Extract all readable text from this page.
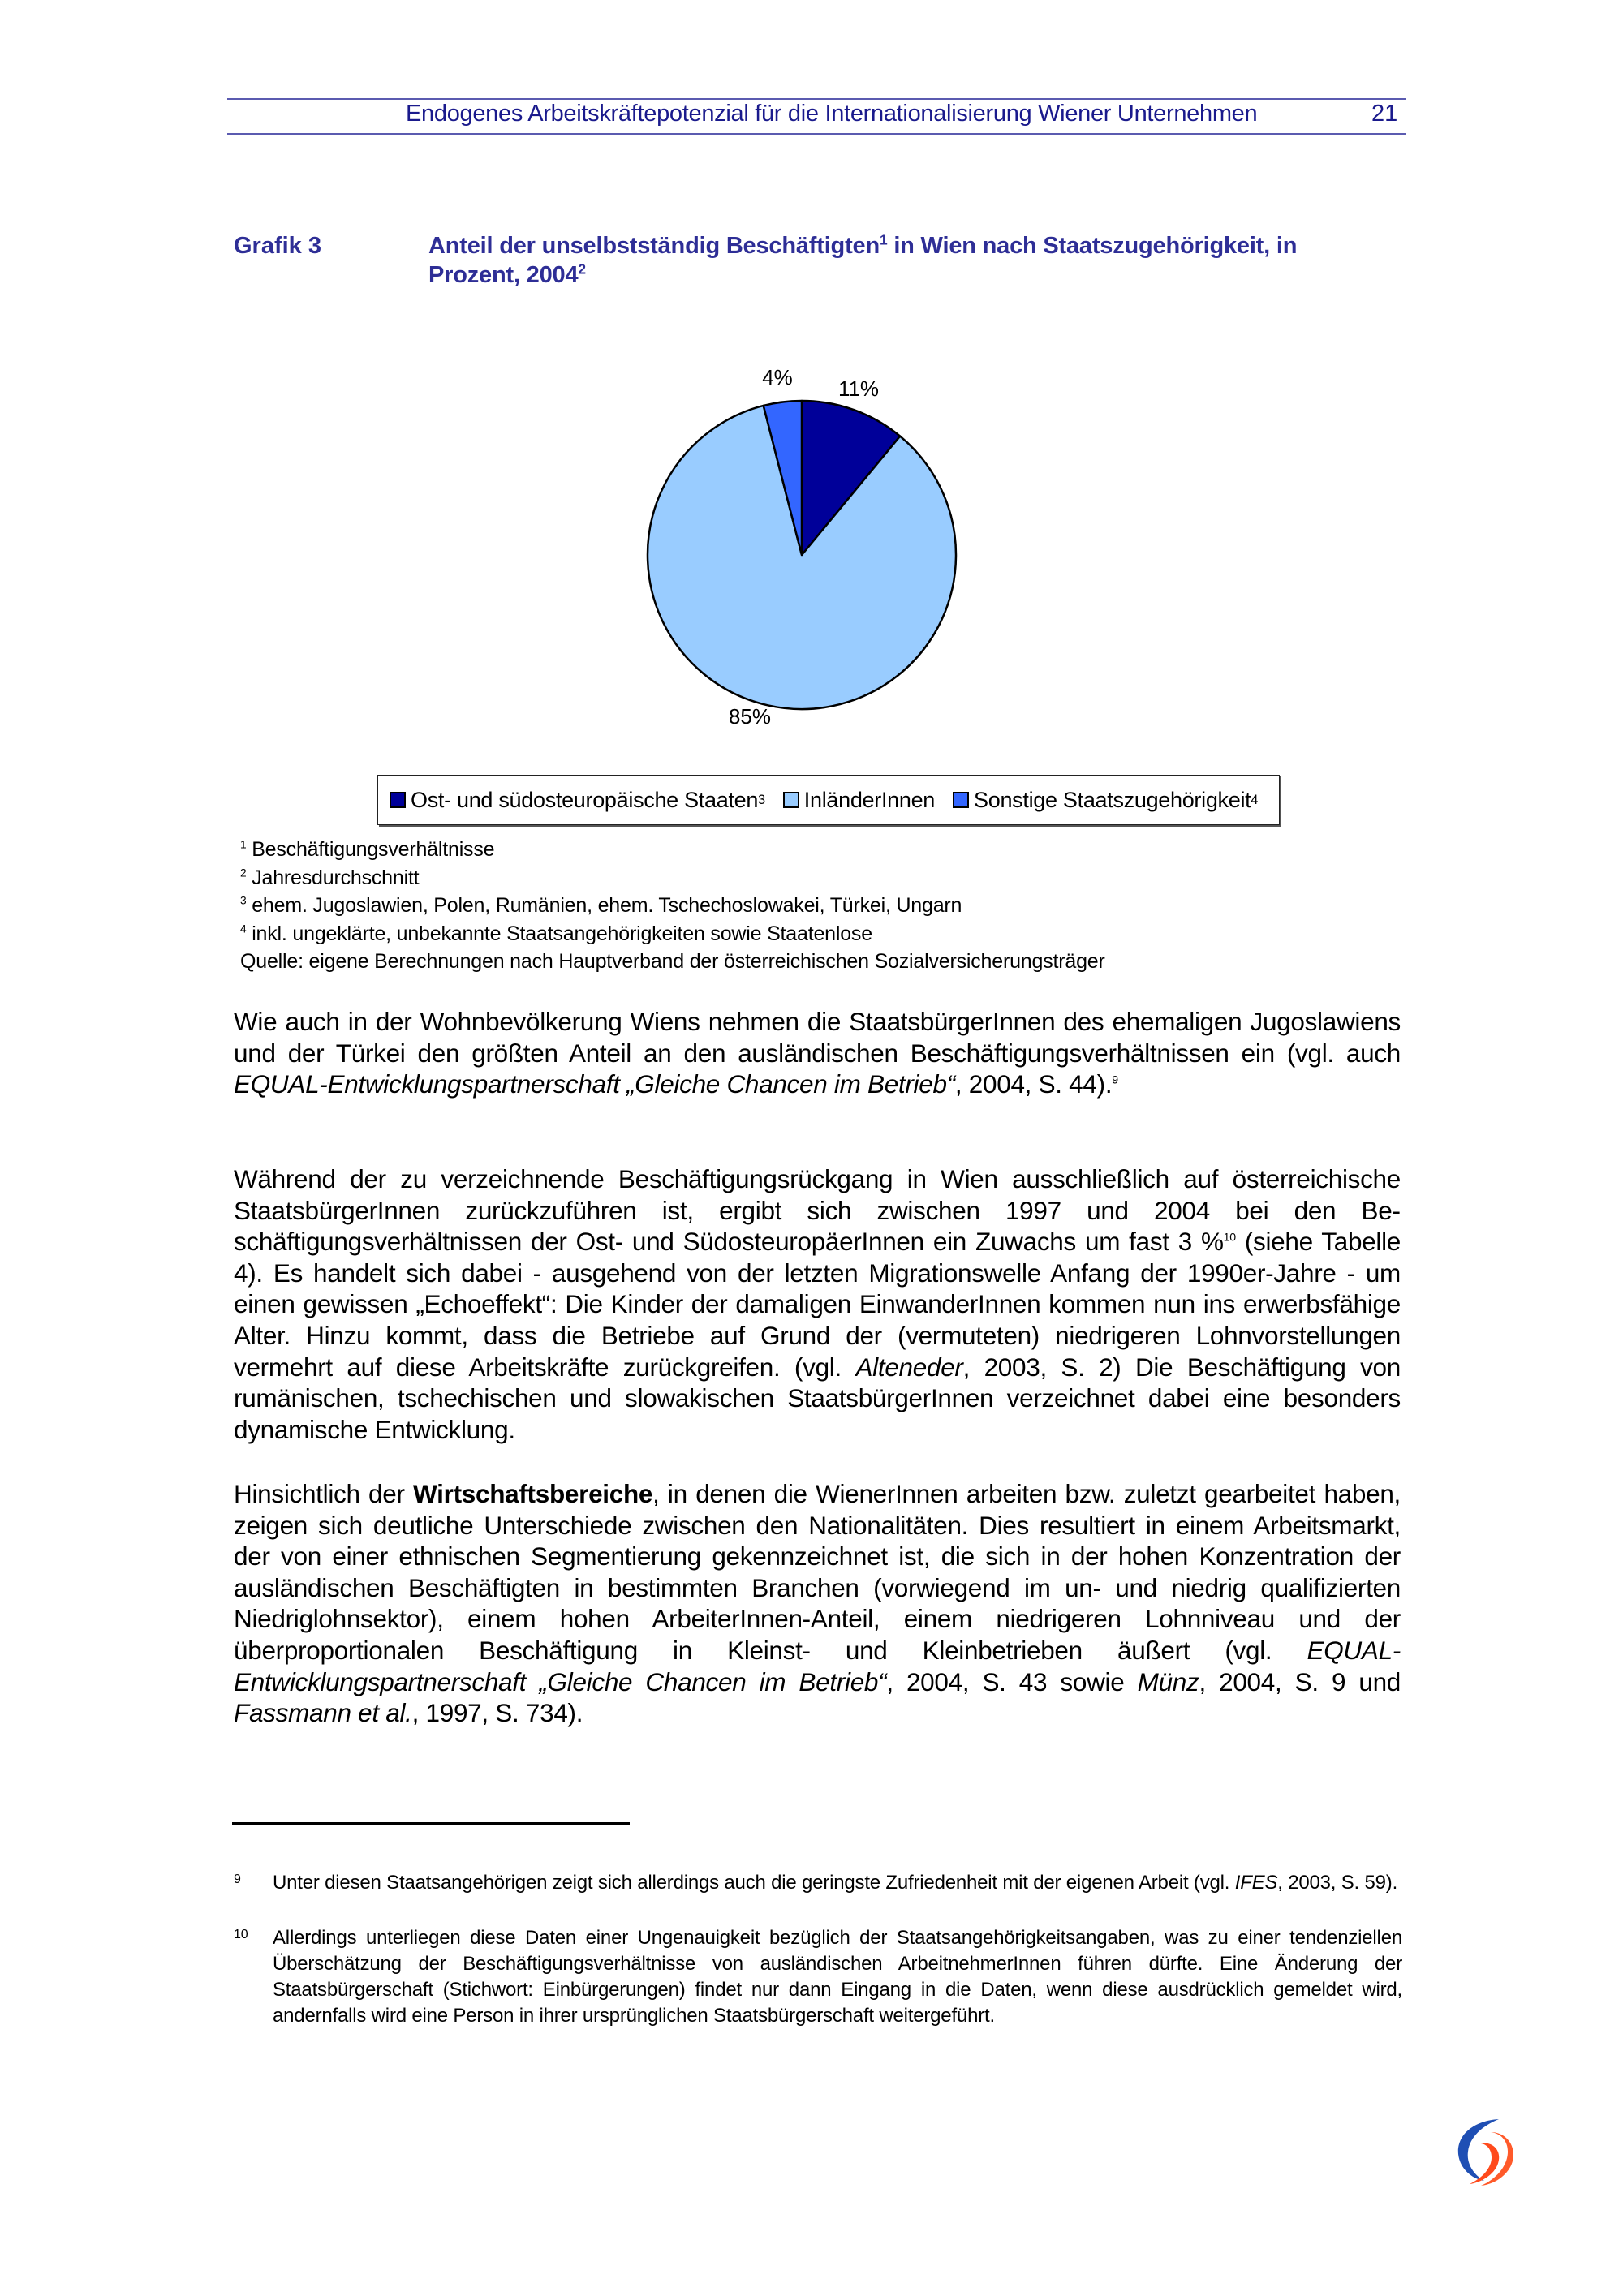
Endogenes Arbeitskräftepotenzial für die Internationalisierung Wiener Unternehmen	21
Grafik 3	Anteil der unselbstständig Beschäftigten$^1$ in Wien nach Staatszugehörigkeit, in Prozent, 2004$^2$
11%
85%
4%
Ost- und südosteuropäische Staaten 3 InländerInnen Sonstige Staatszugehörigkeit 4
$^1$ Beschäftigungsverhältnisse
$^2$ Jahresdurchschnitt
$^3$ ehem. Jugoslawien, Polen, Rumänien, ehem. Tschechoslowakei, Türkei, Ungarn
$^4$ inkl. ungeklärte, unbekannte Staatsangehörigkeiten sowie Staatenlose
Quelle: eigene Berechnungen nach Hauptverband der österreichischen Sozialversicherungsträger
Wie auch in der Wohnbevölkerung Wiens nehmen die StaatsbürgerInnen des ehemaligen Jugoslawiens und der Türkei den größten Anteil an den ausländischen Beschäftigungsverhältnissen ein (vgl. auch EQUAL-Entwicklungspartnerschaft „Gleiche Chancen im Betrieb“, 2004, S. 44).$^9$
Während der zu verzeichnende Beschäftigungsrückgang in Wien ausschließlich auf österreichische StaatsbürgerInnen zurückzuführen ist, ergibt sich zwischen 1997 und 2004 bei den Beschäftigungsverhältnissen der Ost- und SüdosteuropäerInnen ein Zuwachs um fast 3 %$^{10}$ (siehe Tabelle 4). Es handelt sich dabei - ausgehend von der letzten Migrationswelle Anfang der 1990er-Jahre - um einen gewissen „Echoeffekt“: Die Kinder der damaligen EinwanderInnen kommen nun ins erwerbsfähige Alter. Hinzu kommt, dass die Betriebe auf Grund der (vermuteten) niedrigeren Lohnvorstellungen vermehrt auf diese Arbeitskräfte zurückgreifen. (vgl. Alteneder, 2003, S. 2) Die Beschäftigung von rumänischen, tschechischen und slowakischen StaatsbürgerInnen verzeichnet dabei eine besonders dynamische Entwicklung.
Hinsichtlich der Wirtschaftsbereiche, in denen die WienerInnen arbeiten bzw. zuletzt gearbeitet haben, zeigen sich deutliche Unterschiede zwischen den Nationalitäten. Dies resultiert in einem Arbeitsmarkt, der von einer ethnischen Segmentierung gekennzeichnet ist, die sich in der hohen Konzentration der ausländischen Beschäftigten in bestimmten Branchen (vorwiegend im un- und niedrig qualifizierten Niedriglohnsektor), einem hohen ArbeiterInnen-Anteil, einem niedrigeren Lohnniveau und der überproportionalen Beschäftigung in Kleinst- und Kleinbetrieben äußert (vgl. EQUAL-Entwicklungspartnerschaft „Gleiche Chancen im Betrieb“, 2004, S. 43 sowie Münz, 2004, S. 9 und Fassmann et al., 1997, S. 734).
9 Unter diesen Staatsangehörigen zeigt sich allerdings auch die geringste Zufriedenheit mit der eigenen Arbeit (vgl. IFES, 2003, S. 59).
10 Allerdings unterliegen diese Daten einer Ungenauigkeit bezüglich der Staatsangehörigkeitsangaben, was zu einer tendenziellen Überschätzung der Beschäftigungsverhältnisse von ausländischen ArbeitnehmerInnen führen dürfte. Eine Änderung der Staatsbürgerschaft (Stichwort: Einbürgerungen) findet nur dann Eingang in die Daten, wenn diese ausdrücklich gemeldet wird, andernfalls wird eine Person in ihrer ursprünglichen Staatsbürgerschaft weitergeführt.
